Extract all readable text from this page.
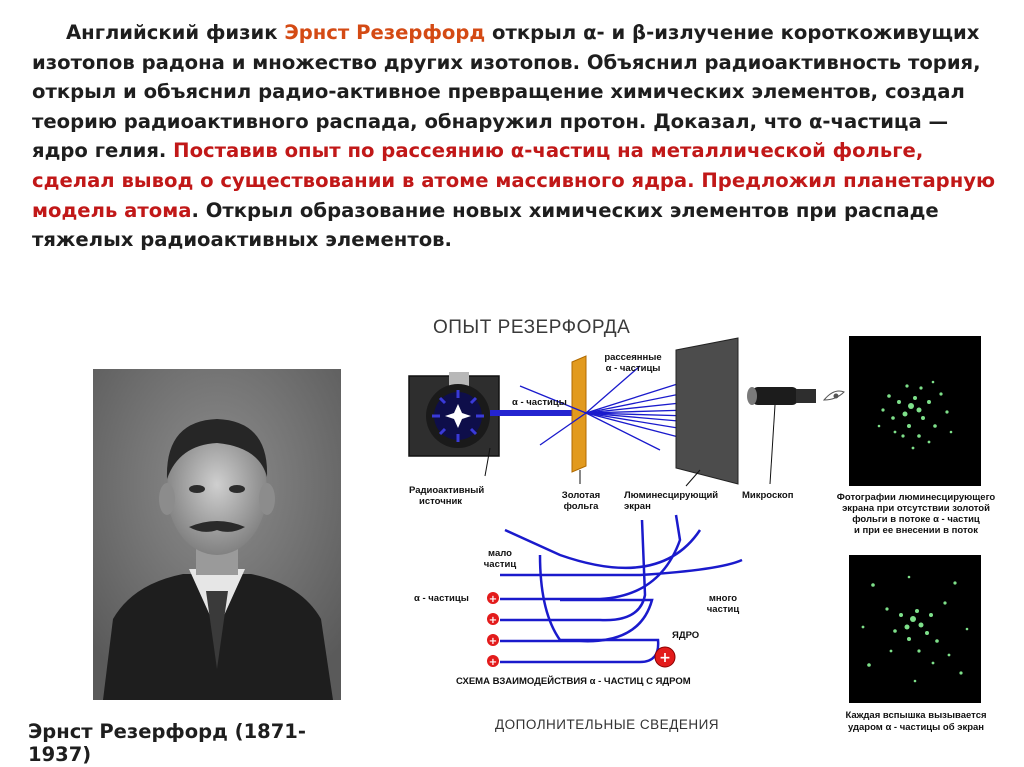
Английский физик Эрнст Резерфорд открыл α- и β-излучение короткоживущих изотопов радона и множество других изотопов. Объяснил радиоактивность тория, открыл и объяснил радио-активное превращение химических элементов, создал теорию радиоактивного распада, обнаружил протон. Доказал, что α-частица — ядро гелия. Поставив опыт по рассеянию α-частиц на металлической фольге, сделал вывод о существовании в атоме массивного ядра. Предложил планетарную модель атома. Открыл образование новых химических элементов при распаде тяжелых радиоактивных элементов.

Эрнст Резерфорд (1871-1937)
ОПЫТ РЕЗЕРФОРДА
+
+
+
+	+
α - частицы
рассеянные
α - частицы
Радиоактивный
источник
Золотая
фольга
Люминесцирующий
экран
Микроскоп	Фотографии люминесцирующего
экрана при отсутствии золотой
фольги в потоке α - частиц
и при ее внесении в поток
мало
частиц
много
частиц
α - частицы
ЯДРО
СХЕМА ВЗАИМОДЕЙСТВИЯ α - ЧАСТИЦ С ЯДРОМ
Каждая вспышка вызывается
ударом α - частицы об экран
ДОПОЛНИТЕЛЬНЫЕ СВЕДЕНИЯ
